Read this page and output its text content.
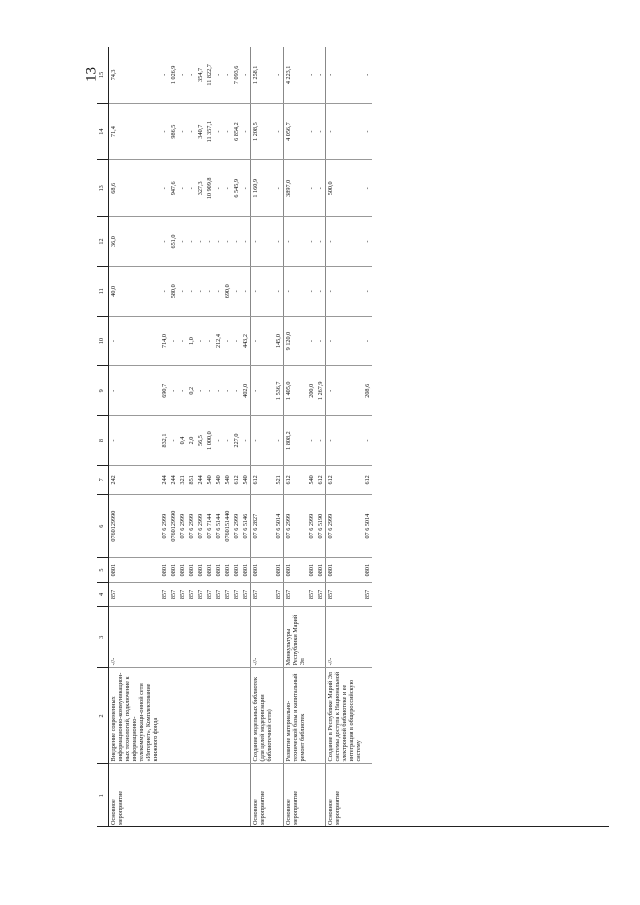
13
1	2	3	4	5	6	7	8	9	10	11	12	13	14	15
Основное мероприятие	Внедрение современных информационно-коммуникацион-ных технологий, подключение к информационно-телекоммуникаци-онной сети «Интернет», Комплектование книжного фонда	-//-	857	0801	0760129990	242	-	-	-	40,0	36,0	68,6	71,4	74,3
			857	0801	07 6 2999	244	832,1	690,7	714,0	-	-	-	-	-
			857	0801	0760129990	244	-	-	-	580,0	651,0	947,6	986,5	1 026,9
			857	0801	07 6 2999	321	0,4	-	-	-	-	-	-	-
			857	0801	07 6 2999	851	2,0	0,2	1,0	-	-	-	-	-
			857	0801	07 6 2999	244	56,5	-	-	-	-	327,3	340,7	354,7
			857	0801	07 6 7144	540	1 000,0	-	-	-	-	10 909,8	11 357,1	11 822,7
			857	0801	07 6 5144	540	-	-	212,4	-	-	-	-	-
			857	0801	0760151440	540	-	-	-	690,0	-	-	-	-
			857	0801	07 6 2999	612	227,0	-	-	-	-	6 545,9	6 854,2	7 093,6
			857	0801	07 6 5146	540	-	402,0	443,2	-	-	-	-	-
Основное мероприятие	Создание модельных библиотек (для целей модернизации библиотечной сети)	-//-	857	0801	07 6 2827	612	-	-	-	-	-	1 160,9	1 208,5	1 258,1
			857	0801	07 6 5014	521	-	1 536,7	145,0	-	-	-	-	-
Основное мероприятие	Развитие материально-технической базы и капитальный ремонт библиотек	Минкультуры Республики Марий Эл	857	0801	07 6 2999	612	1 808,2	1 405,0	9 120,0	-	-	3897,0	4 056,7	4 223,1
			857	0801	07 6 2999	540	-	200,0	-	-	-	-	-	-
			857	0801	07 6 5190	612	-	1 267,9	-	-	-	-	-	-
Основное мероприятие	Создание в Республике Марий Эл системы доступа к Национальной электронной библиотеке и ее интеграция в общероссийскую систему	-//-	857	0801	07 6 2999	612	-	-	-	-	-	500,0	-	-
			857	0801	07 6 5014	612	-	208,6	-	-	-	-	-	-
